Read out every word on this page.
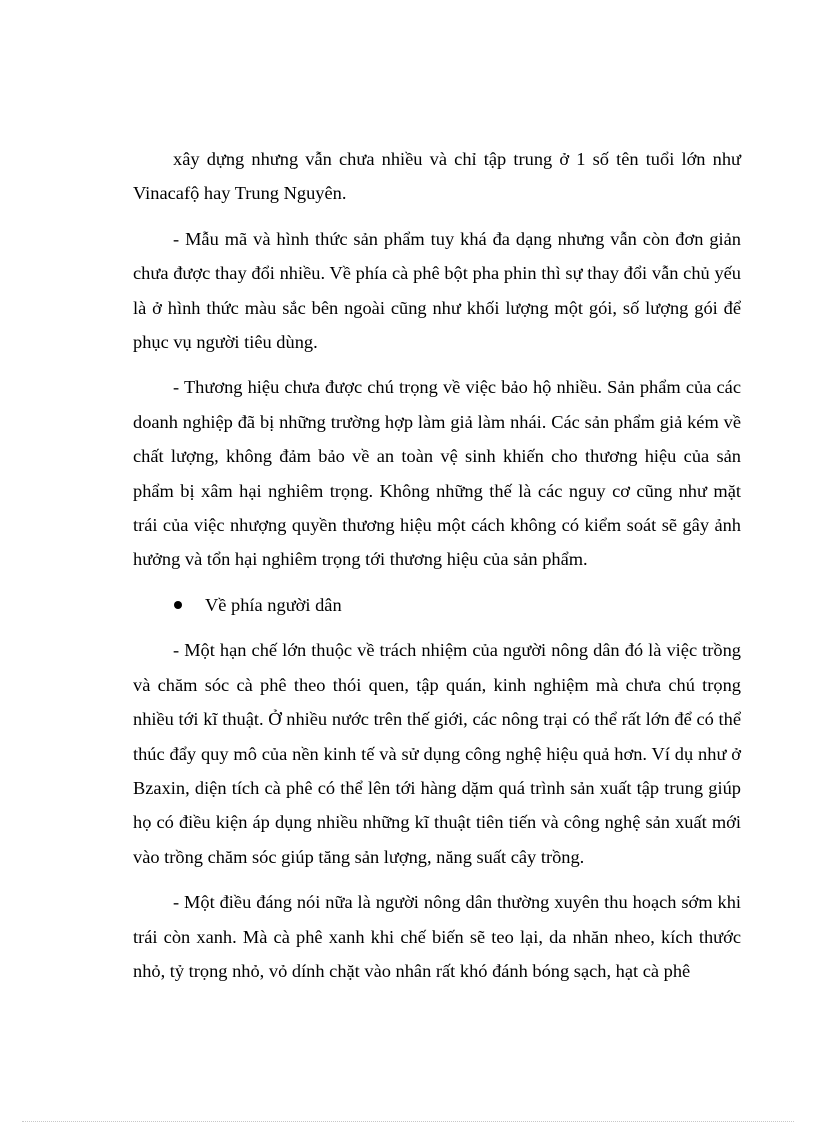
xây dựng nhưng vẫn chưa nhiều và chỉ tập trung ở 1 số tên tuổi lớn như Vinacafộ hay Trung Nguyên.

- Mẫu mã và hình thức sản phẩm tuy khá đa dạng nhưng vẫn còn đơn giản chưa được thay đổi nhiều. Về phía cà phê bột pha phin thì sự thay đổi vẫn chủ yếu là ở hình thức màu sắc bên ngoài cũng như khối lượng một gói, số lượng gói để phục vụ người tiêu dùng.

- Thương hiệu chưa được chú trọng về việc bảo hộ nhiều. Sản phẩm của các doanh nghiệp đã bị những trường hợp làm giả làm nhái. Các sản phẩm giả kém về chất lượng, không đảm bảo về an toàn vệ sinh khiến cho thương hiệu của sản phẩm bị xâm hại nghiêm trọng. Không những thế là các nguy cơ cũng như mặt trái của việc nhượng quyền thương hiệu một cách không có kiểm soát sẽ gây ảnh hưởng và tổn hại nghiêm trọng tới thương hiệu của sản phẩm.

Về phía người dân

- Một hạn chế lớn thuộc về trách nhiệm của người nông dân đó là việc trồng và chăm sóc cà phê theo thói quen, tập quán, kinh nghiệm mà chưa chú trọng nhiều tới kĩ thuật. Ở nhiều nước trên thế giới, các nông trại có thể rất lớn để có thể thúc đẩy quy mô của nền kinh tế và sử dụng công nghệ hiệu quả hơn. Ví dụ như ở Bzaxin, diện tích cà phê có thể lên tới hàng dặm quá trình sản xuất tập trung giúp họ có điều kiện áp dụng nhiều những kĩ thuật tiên tiến và công nghệ sản xuất mới vào trồng chăm sóc giúp tăng sản lượng, năng suất cây trồng.

- Một điều đáng nói nữa là người nông dân thường xuyên thu hoạch sớm khi trái còn xanh. Mà cà phê xanh khi chế biến sẽ teo lại, da nhăn nheo, kích thước nhỏ, tỷ trọng nhỏ, vỏ dính chặt vào nhân rất khó đánh bóng sạch, hạt cà phê
